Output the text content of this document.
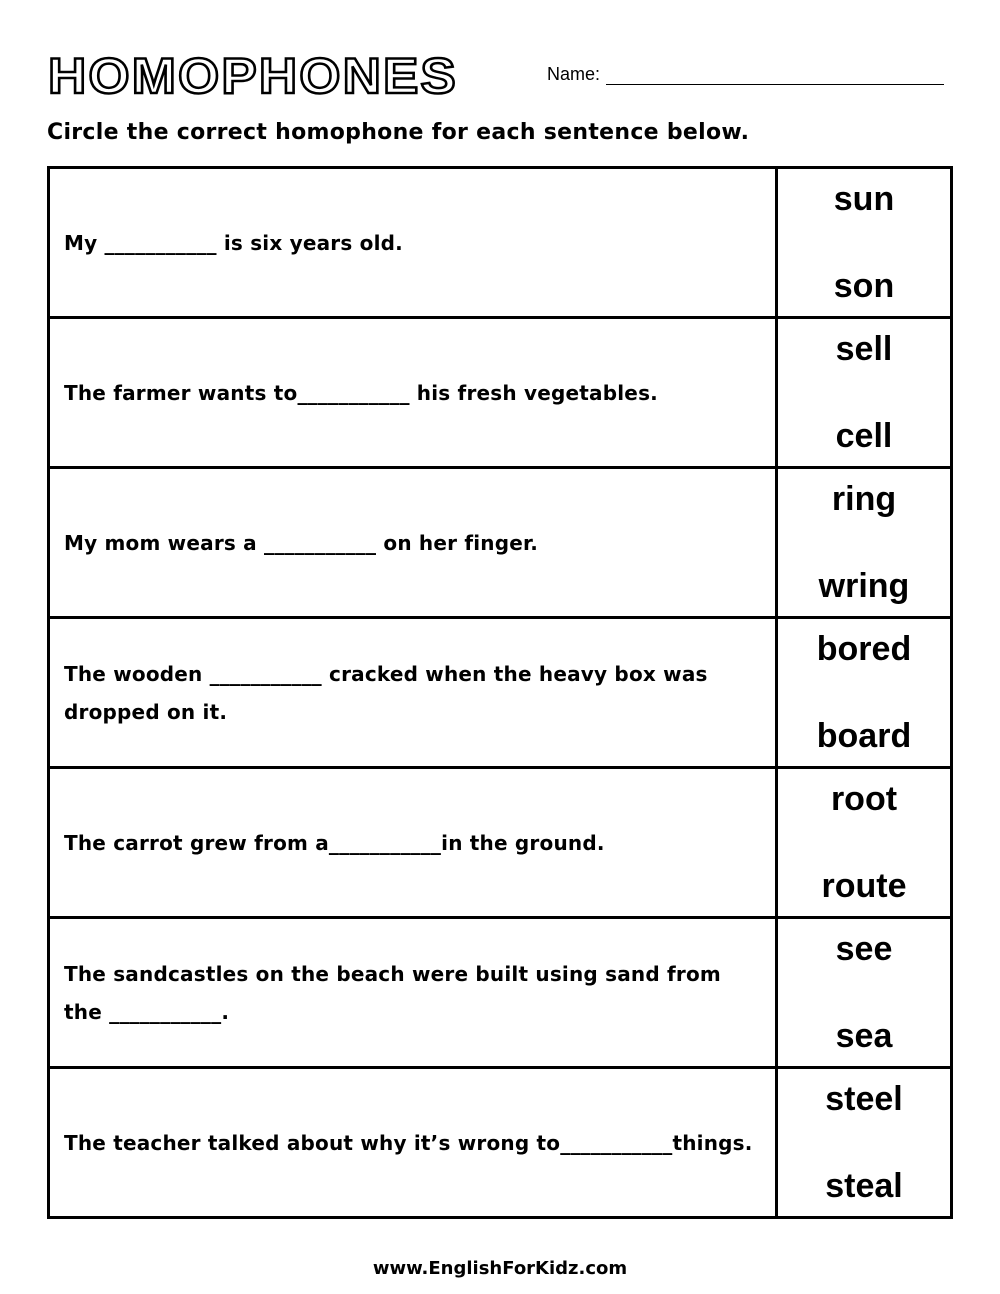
HOMOPHONES	Name:
Circle the correct homophone for each sentence below.
My ___________ is six years old.
sun
son
The farmer wants to___________ his fresh vegetables.
sell
cell
My mom wears a ___________ on her finger.
ring
wring
The wooden ___________ cracked when the heavy box was dropped on it.
bored
board
The carrot grew from a___________in the ground.
root
route
The sandcastles on the beach were built using sand from the ___________.
see
sea
The teacher talked about why it’s wrong to___________things.
steel
steal
www.EnglishForKidz.com
